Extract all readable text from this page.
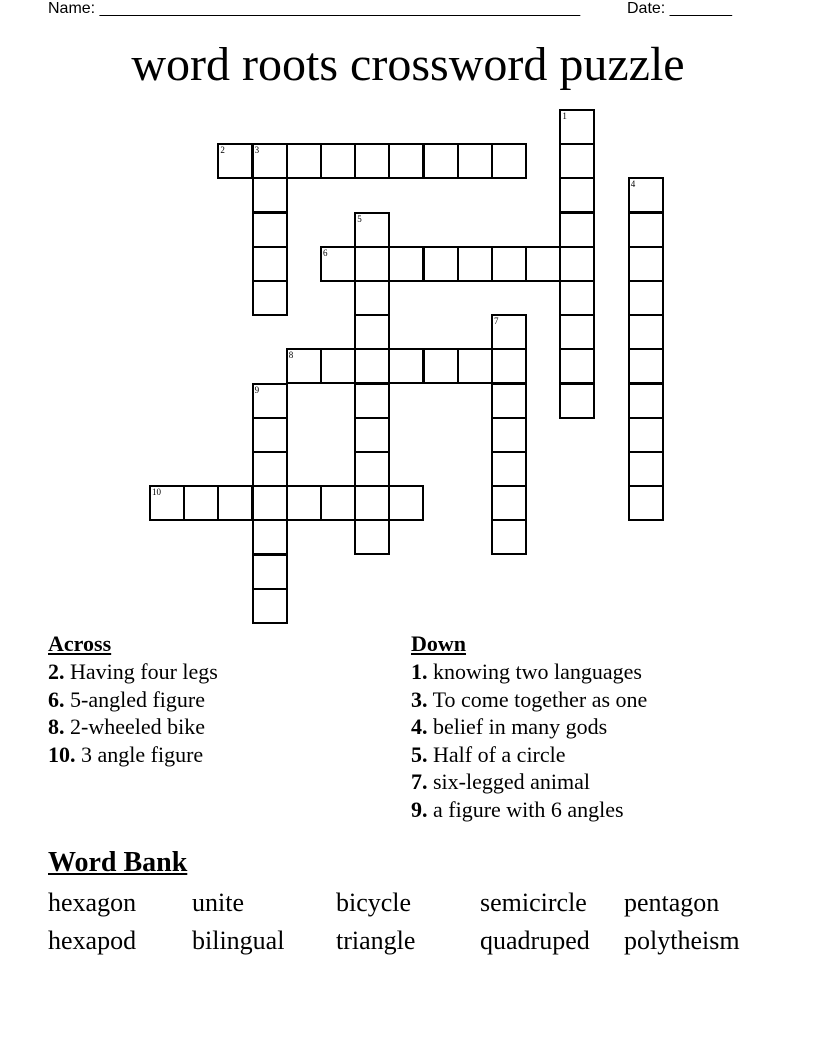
Name: ______________________________________________________	Date: _______
word roots crossword puzzle
1
2	3
4
5
6
7
8
9
10
Across
2. Having four legs
6. 5-angled figure
8. 2-wheeled bike
10. 3 angle figure
Down
1. knowing two languages
3. To come together as one
4. belief in many gods
5. Half of a circle
7. six-legged animal
9. a figure with 6 angles
Word Bank
hexagon unite	bicycle	semicircle pentagon
hexapod bilingual triangle quadruped polytheism
